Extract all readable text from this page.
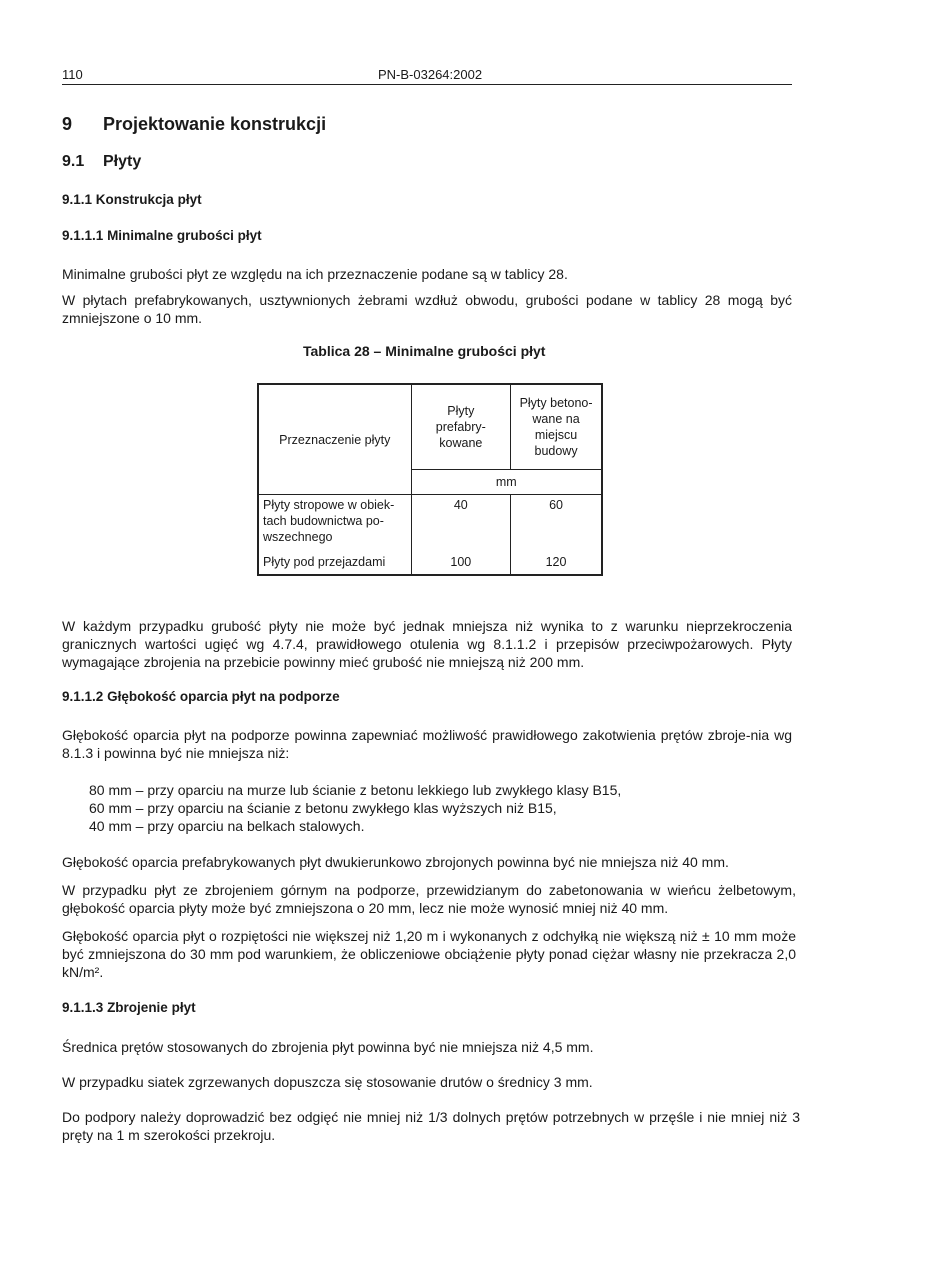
110	PN-B-03264:2002
9 Projektowanie konstrukcji
9.1 Płyty
9.1.1 Konstrukcja płyt
9.1.1.1 Minimalne grubości płyt
Minimalne grubości płyt ze względu na ich przeznaczenie podane są w tablicy 28.
W płytach prefabrykowanych, usztywnionych żebrami wzdłuż obwodu, grubości podane w tablicy 28 mogą być zmniejszone o 10 mm.
Tablica 28 – Minimalne grubości płyt
Przeznaczenie płyty	Płyty prefabry-kowane	Płyty betono-wane na miejscu budowy

	mm	
Płyty stropowe w obiek-tach budownictwa po-wszechnego	40	60
Płyty pod przejazdami	100	120
W każdym przypadku grubość płyty nie może być jednak mniejsza niż wynika to z warunku nieprzekroczenia granicznych wartości ugięć wg 4.7.4, prawidłowego otulenia wg 8.1.1.2 i przepisów przeciwpożarowych. Płyty wymagające zbrojenia na przebicie powinny mieć grubość nie mniejszą niż 200 mm.
9.1.1.2 Głębokość oparcia płyt na podporze
Głębokość oparcia płyt na podporze powinna zapewniać możliwość prawidłowego zakotwienia prętów zbroje-nia wg 8.1.3 i powinna być nie mniejsza niż:
80 mm – przy oparciu na murze lub ścianie z betonu lekkiego lub zwykłego klasy B15,
60 mm – przy oparciu na ścianie z betonu zwykłego klas wyższych niż B15,
40 mm – przy oparciu na belkach stalowych.
Głębokość oparcia prefabrykowanych płyt dwukierunkowo zbrojonych powinna być nie mniejsza niż 40 mm.
W przypadku płyt ze zbrojeniem górnym na podporze, przewidzianym do zabetonowania w wieńcu żelbetowym, głębokość oparcia płyty może być zmniejszona o 20 mm, lecz nie może wynosić mniej niż 40 mm.
Głębokość oparcia płyt o rozpiętości nie większej niż 1,20 m i wykonanych z odchyłką nie większą niż ± 10 mm może być zmniejszona do 30 mm pod warunkiem, że obliczeniowe obciążenie płyty ponad ciężar własny nie przekracza 2,0 kN/m².
9.1.1.3 Zbrojenie płyt
Średnica prętów stosowanych do zbrojenia płyt powinna być nie mniejsza niż 4,5 mm.
W przypadku siatek zgrzewanych dopuszcza się stosowanie drutów o średnicy 3 mm.
Do podpory należy doprowadzić bez odgięć nie mniej niż 1/3 dolnych prętów potrzebnych w przęśle i nie mniej niż 3 pręty na 1 m szerokości przekroju.
